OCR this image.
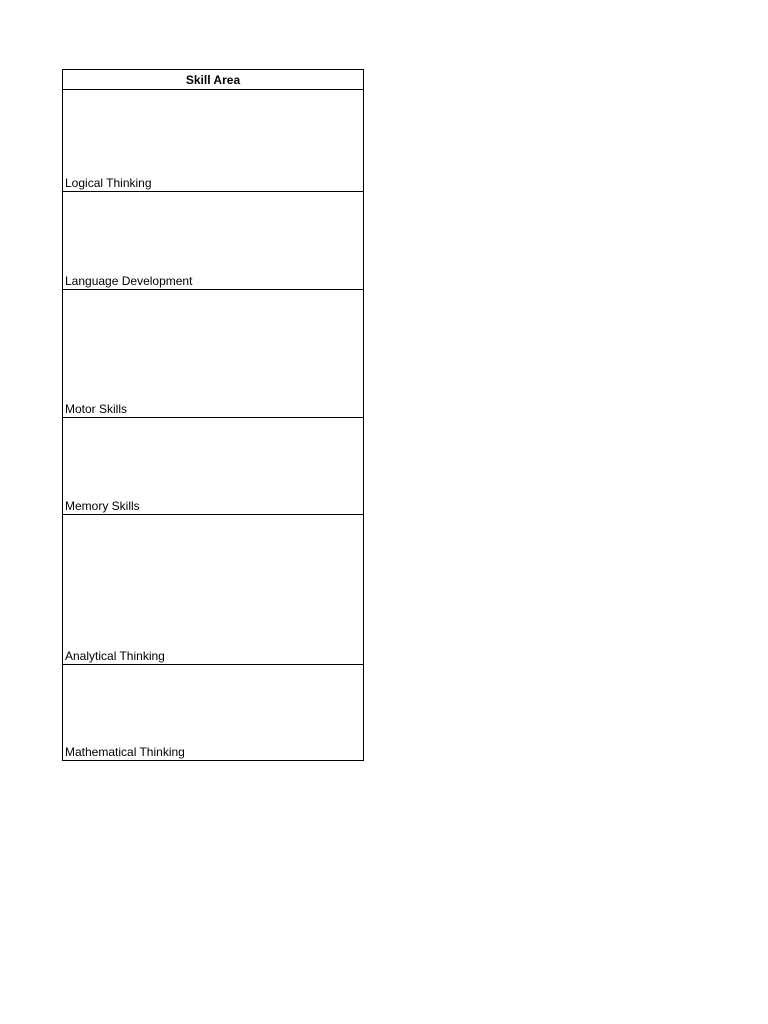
Skill Area
Logical Thinking
Language Development
Motor Skills
Memory Skills
Analytical Thinking
Mathematical Thinking
